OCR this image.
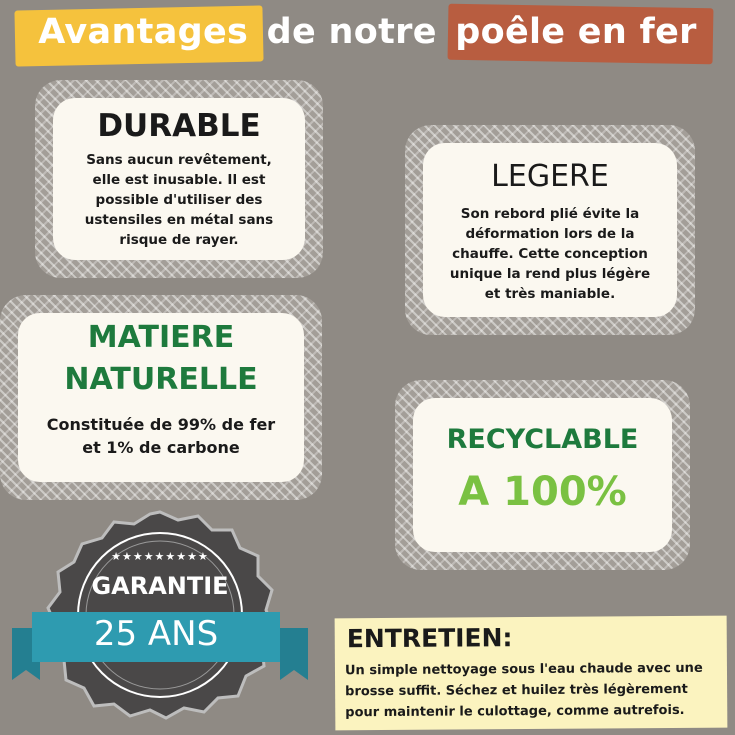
Avantages de notre poêle en fer
DURABLE
Sans aucun revêtement, elle est inusable. Il est possible d'utiliser des ustensiles en métal sans risque de rayer.
LEGERE
Son rebord plié évite la déformation lors de la chauffe. Cette conception unique la rend plus légère et très maniable.
MATIERE
NATURELLE
Constituée de 99% de fer et 1% de carbone	RECYCLABLE
A 100%
★★★★★★★★★
GARANTIE
25 ANS	ENTRETIEN:
Un simple nettoyage sous l'eau chaude avec une brosse suffit. Séchez et huilez très légèrement pour maintenir le culottage, comme autrefois.
